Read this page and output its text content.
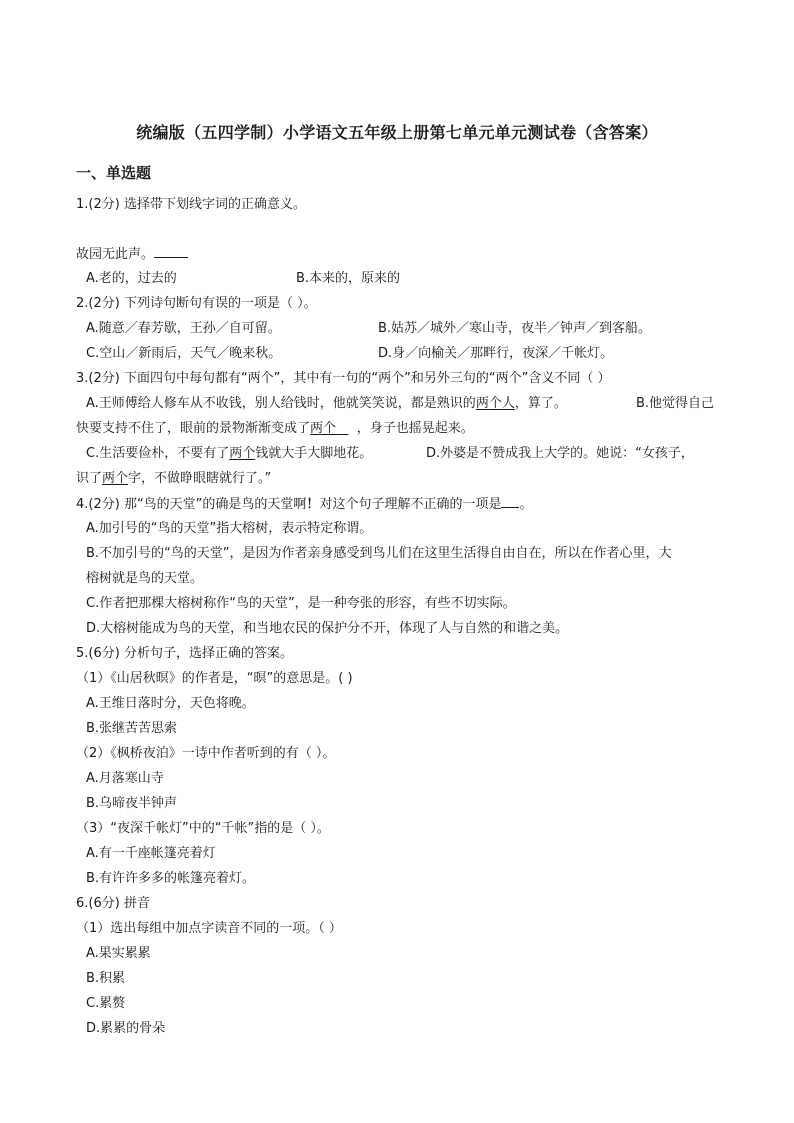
统编版（五四学制）小学语文五年级上册第七单元单元测试卷（含答案）
一、单选题
1.(2分) 选择带下划线字词的正确意义。
故园无此声。
A.老的，过去的	B.本来的，原来的
2.(2分) 下列诗句断句有误的一项是（ ）。
A.随意／春芳歇，王孙／自可留。	B.姑苏／城外／寒山寺，夜半／钟声／到客船。
C.空山／新雨后，天气／晚来秋。	D.身／向榆关／那畔行，夜深／千帐灯。
3.(2分) 下面四句中每句都有“两个”，其中有一句的“两个”和另外三句的“两个”含义不同（ ）
A.王师傅给人修车从不收钱，别人给钱时，他就笑笑说，都是熟识的两个人，算了。	B.他觉得自己
快要支持不住了，眼前的景物渐渐变成了两个 ，身子也摇晃起来。
C.生活要俭朴，不要有了两个钱就大手大脚地花。	D.外婆是不赞成我上大学的。她说：“女孩子，
识了两个字，不做睁眼瞎就行了。”
4.(2分) 那“鸟的天堂”的确是鸟的天堂啊！对这个句子理解不正确的一项是 。
A.加引号的“鸟的天堂”指大榕树，表示特定称谓。
B.不加引号的“鸟的天堂”，是因为作者亲身感受到鸟儿们在这里生活得自由自在，所以在作者心里，大
榕树就是鸟的天堂。
C.作者把那棵大榕树称作“鸟的天堂”，是一种夸张的形容，有些不切实际。
D.大榕树能成为鸟的天堂，和当地农民的保护分不开，体现了人与自然的和谐之美。
5.(6分) 分析句子，选择正确的答案。
（1）《山居秋暝》的作者是，“暝”的意思是。( )
A.王维日落时分，天色将晚。
B.张继苦苦思索
（2）《枫桥夜泊》一诗中作者听到的有（ ）。
A.月落寒山寺
B.乌啼夜半钟声
（3）“夜深千帐灯”中的“千帐”指的是（ ）。
A.有一千座帐篷亮着灯
B.有许许多多的帐篷亮着灯。
6.(6分) 拼音
（1）选出每组中加点字读音不同的一项。（ ）
A.果实累累
B.积累
C.累赘
D.累累的骨朵
